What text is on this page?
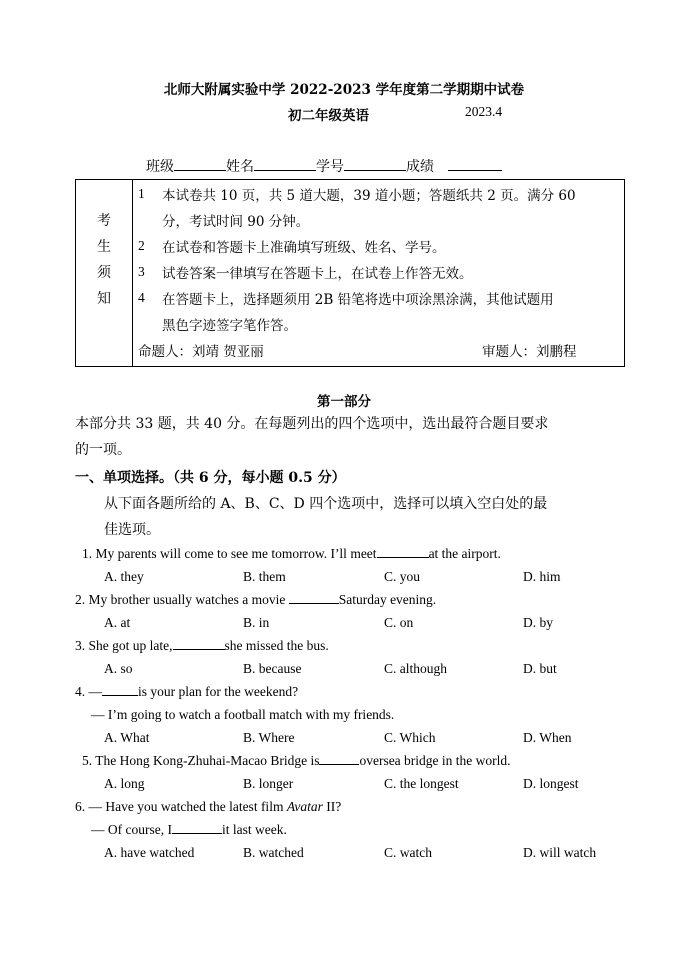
北师大附属实验中学 2022-2023 学年度第二学期期中试卷
初二年级英语	2023.4
班级	姓名	学号	成绩
考
生
须
知
1 本试卷共 10 页，共 5 道大题，39 道小题；答题纸共 2 页。满分 60
分，考试时间 90 分钟。
2 在试卷和答题卡上准确填写班级、姓名、学号。
3 试卷答案一律填写在答题卡上，在试卷上作答无效。
4 在答题卡上，选择题须用 2B 铅笔将选中项涂黑涂满，其他试题用
黑色字迹签字笔作答。
命题人：刘靖 贺亚丽	审题人：刘鹏程
第一部分
本部分共 33 题，共 40 分。在每题列出的四个选项中，选出最符合题目要求
的一项。
一、单项选择。（共 6 分，每小题 0.5 分）
从下面各题所给的 A、B、C、D 四个选项中，选择可以填入空白处的最
佳选项。
1. My parents will come to see me tomorrow. I’ll meet	at the airport.
A. they	B. them	C. you	D. him
2. My brother usually watches a movie	Saturday evening.
A. at	B. in	C. on	D. by
3. She got up late,	she missed the bus.
A. so	B. because	C. although	D. but
4. —	is your plan for the weekend?
— I’m going to watch a football match with my friends.
A. What	B. Where	C. Which	D. When
5. The Hong Kong-Zhuhai-Macao Bridge is	oversea bridge in the world.
A. long	B. longer	C. the longest	D. longest
6. — Have you watched the latest film Avatar II?
— Of course, I	it last week.
A. have watched	B. watched	C. watch	D. will watch
